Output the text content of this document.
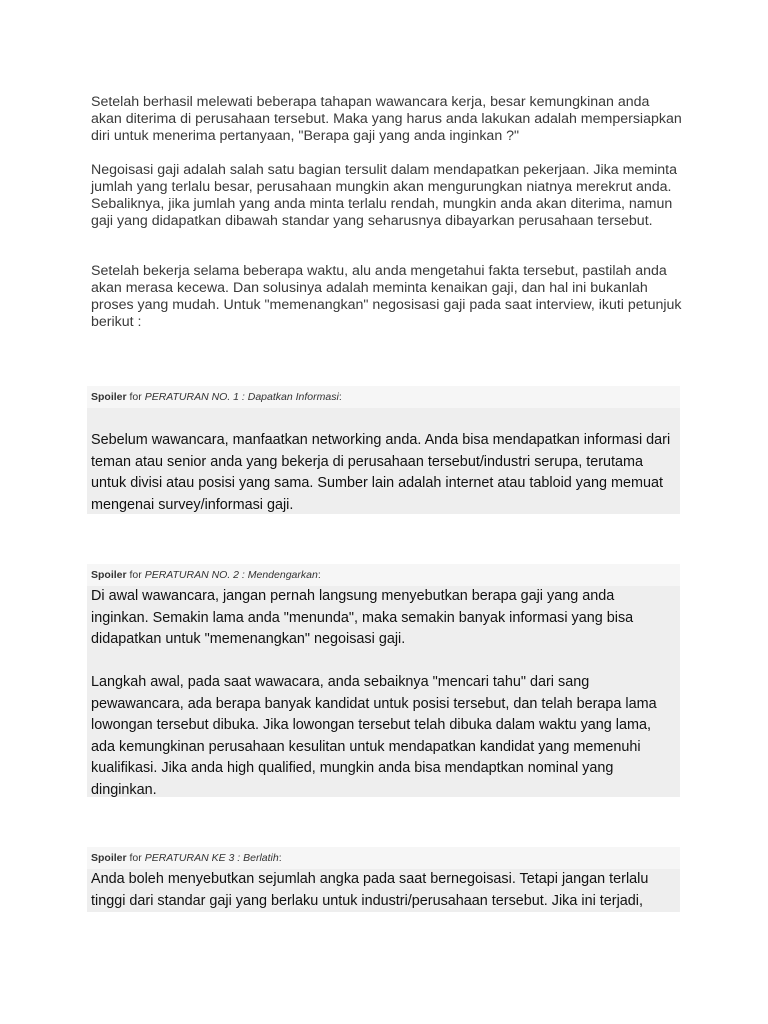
Setelah berhasil melewati beberapa tahapan wawancara kerja, besar kemungkinan anda akan diterima di perusahaan tersebut. Maka yang harus anda lakukan adalah mempersiapkan diri untuk menerima pertanyaan, "Berapa gaji yang anda inginkan ?"

Negoisasi gaji adalah salah satu bagian tersulit dalam mendapatkan pekerjaan. Jika meminta jumlah yang terlalu besar, perusahaan mungkin akan mengurungkan niatnya merekrut anda. Sebaliknya, jika jumlah yang anda minta terlalu rendah, mungkin anda akan diterima, namun gaji yang didapatkan dibawah standar yang seharusnya dibayarkan perusahaan tersebut.

Setelah bekerja selama beberapa waktu, alu anda mengetahui fakta tersebut, pastilah anda akan merasa kecewa. Dan solusinya adalah meminta kenaikan gaji, dan hal ini bukanlah proses yang mudah. Untuk "memenangkan" negosisasi gaji pada saat interview, ikuti petunjuk berikut :

Spoiler for PERATURAN NO. 1 : Dapatkan Informasi:

Sebelum wawancara, manfaatkan networking anda. Anda bisa mendapatkan informasi dari teman atau senior anda yang bekerja di perusahaan tersebut/industri serupa, terutama untuk divisi atau posisi yang sama. Sumber lain adalah internet atau tabloid yang memuat mengenai survey/informasi gaji.

Spoiler for PERATURAN NO. 2 : Mendengarkan:

Di awal wawancara, jangan pernah langsung menyebutkan berapa gaji yang anda inginkan. Semakin lama anda "menunda", maka semakin banyak informasi yang bisa didapatkan untuk "memenangkan" negoisasi gaji.

Langkah awal, pada saat wawacara, anda sebaiknya "mencari tahu" dari sang pewawancara, ada berapa banyak kandidat untuk posisi tersebut, dan telah berapa lama lowongan tersebut dibuka. Jika lowongan tersebut telah dibuka dalam waktu yang lama, ada kemungkinan perusahaan kesulitan untuk mendapatkan kandidat yang memenuhi kualifikasi. Jika anda high qualified, mungkin anda bisa mendaptkan nominal yang dinginkan.

Spoiler for PERATURAN KE 3 : Berlatih:

Anda boleh menyebutkan sejumlah angka pada saat bernegoisasi. Tetapi jangan terlalu tinggi dari standar gaji yang berlaku untuk industri/perusahaan tersebut. Jika ini terjadi,
